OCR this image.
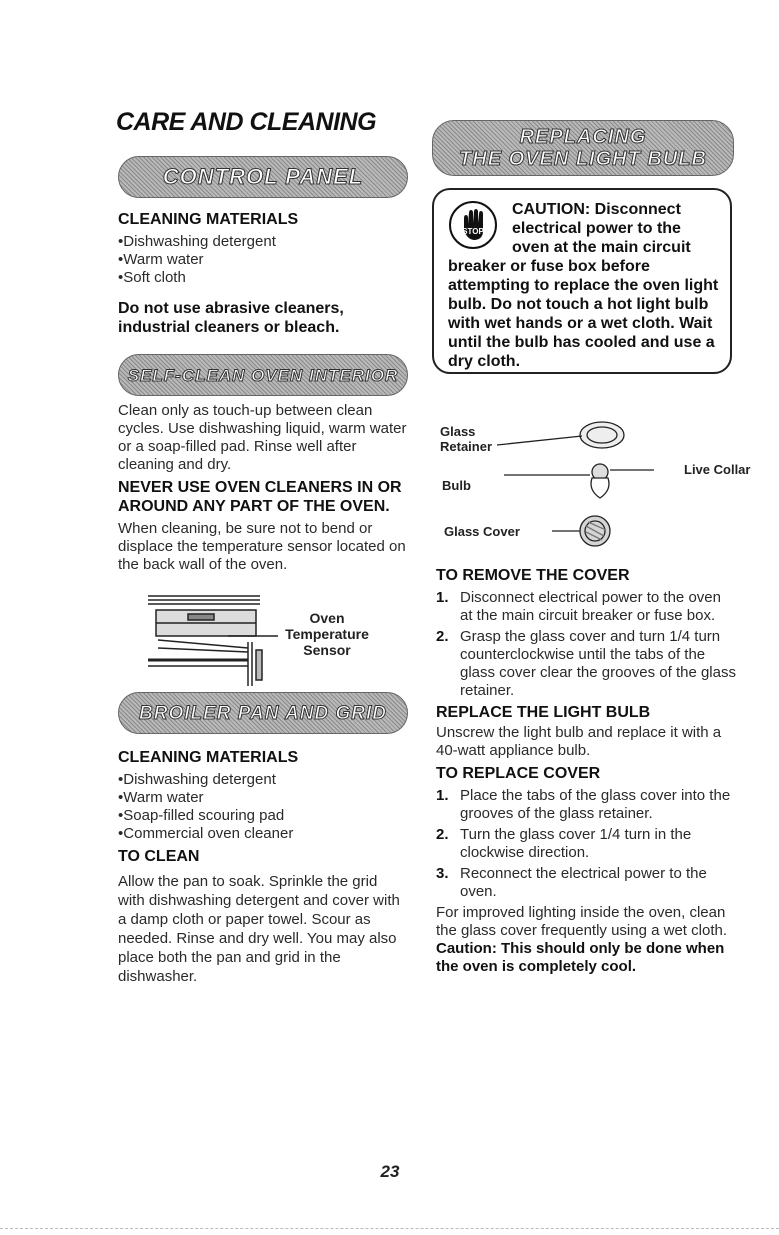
CARE AND CLEANING
CONTROL PANEL

CLEANING MATERIALS

• Dishwashing detergent
• Warm water
• Soft cloth

Do not use abrasive cleaners, industrial cleaners or bleach.

SELF-CLEAN OVEN INTERIOR

Clean only as touch-up between clean cycles. Use dishwashing liquid, warm water or a soap-filled pad. Rinse well after cleaning and dry.

NEVER USE OVEN CLEANERS IN OR AROUND ANY PART OF THE OVEN.

When cleaning, be sure not to bend or displace the temperature sensor located on the back wall of the oven.

Oven
Temperature
Sensor
BROILER PAN AND GRID

CLEANING MATERIALS

• Dishwashing detergent
• Warm water
• Soap-filled scouring pad
• Commercial oven cleaner

TO CLEAN

Allow the pan to soak. Sprinkle the grid with dishwashing detergent and cover with a damp cloth or paper towel. Scour as needed. Rinse and dry well. You may also place both the pan and grid in the dishwasher.

REPLACING
THE OVEN LIGHT BULB
STOP

CAUTION: Disconnect electrical power to the oven at the main circuit breaker or fuse box before attempting to replace the oven light bulb. Do not touch a hot light bulb with wet hands or a wet cloth. Wait until the bulb has cooled and use a dry cloth.

Glass
Retainer
Bulb
Live Collar
Glass Cover

TO REMOVE THE COVER

1. Disconnect electrical power to the oven at the main circuit breaker or fuse box.
2. Grasp the glass cover and turn 1/4 turn counterclockwise until the tabs of the glass cover clear the grooves of the glass retainer.

REPLACE THE LIGHT BULB

Unscrew the light bulb and replace it with a 40-watt appliance bulb.

TO REPLACE COVER

1. Place the tabs of the glass cover into the grooves of the glass retainer.
2. Turn the glass cover 1/4 turn in the clockwise direction.
3. Reconnect the electrical power to the oven.

For improved lighting inside the oven, clean the glass cover frequently using a wet cloth. Caution: This should only be done when the oven is completely cool.

23
